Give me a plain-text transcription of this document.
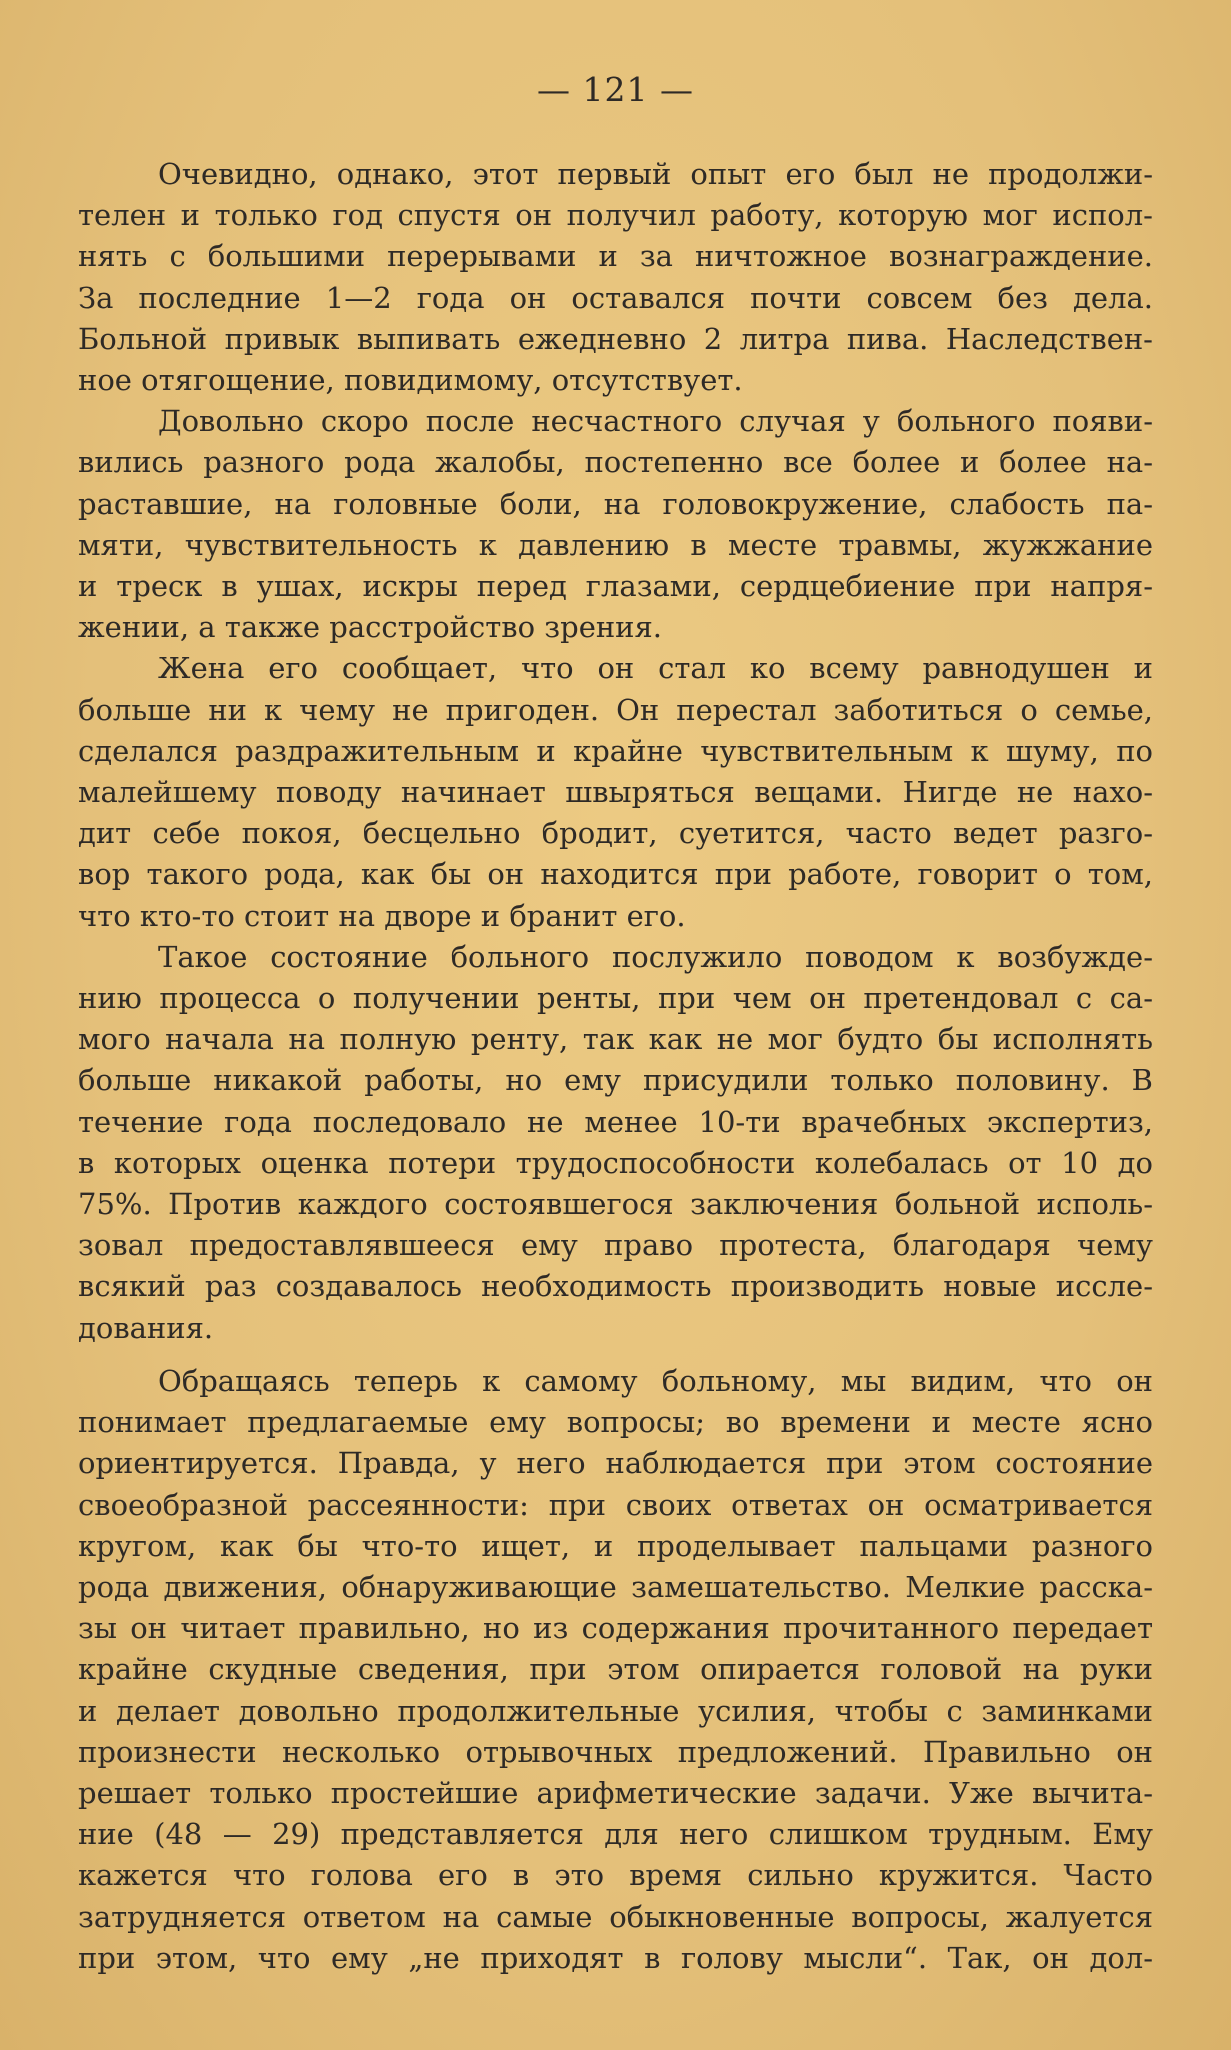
— 121 —
Очевидно, однако, этот первый опыт его был не продолжи-
телен и только год спустя он получил работу, которую мог испол-
нять с большими перерывами и за ничтожное вознаграждение.
За последние 1—2 года он оставался почти совсем без дела.
Больной привык выпивать ежедневно 2 литра пива. Наследствен-
ное отягощение, повидимому, отсутствует.
Довольно скоро после несчастного случая у больного появи-
вились разного рода жалобы, постепенно все более и более на-
раставшие, на головные боли, на головокружение, слабость па-
мяти, чувствительность к давлению в месте травмы, жужжание
и треск в ушах, искры перед глазами, сердцебиение при напря-
жении, а также расстройство зрения.
Жена его сообщает, что он стал ко всему равнодушен и
больше ни к чему не пригоден. Он перестал заботиться о семье,
сделался раздражительным и крайне чувствительным к шуму, по
малейшему поводу начинает швыряться вещами. Нигде не нахо-
дит себе покоя, бесцельно бродит, суетится, часто ведет разго-
вор такого рода, как бы он находится при работе, говорит о том,
что кто-то стоит на дворе и бранит его.
Такое состояние больного послужило поводом к возбужде-
нию процесса о получении ренты, при чем он претендовал с са-
мого начала на полную ренту, так как не мог будто бы исполнять
больше никакой работы, но ему присудили только половину. В
течение года последовало не менее 10-ти врачебных экспертиз,
в которых оценка потери трудоспособности колебалась от 10 до
75%. Против каждого состоявшегося заключения больной исполь-
зовал предоставлявшееся ему право протеста, благодаря чему
всякий раз создавалось необходимость производить новые иссле-
дования.
Обращаясь теперь к самому больному, мы видим, что он
понимает предлагаемые ему вопросы; во времени и месте ясно
ориентируется. Правда, у него наблюдается при этом состояние
своеобразной рассеянности: при своих ответах он осматривается
кругом, как бы что-то ищет, и проделывает пальцами разного
рода движения, обнаруживающие замешательство. Мелкие расска-
зы он читает правильно, но из содержания прочитанного передает
крайне скудные сведения, при этом опирается головой на руки
и делает довольно продолжительные усилия, чтобы с заминками
произнести несколько отрывочных предложений. Правильно он
решает только простейшие арифметические задачи. Уже вычита-
ние (48 — 29) представляется для него слишком трудным. Ему
кажется что голова его в это время сильно кружится. Часто
затрудняется ответом на самые обыкновенные вопросы, жалуется
при этом, что ему „не приходят в голову мысли“. Так, он дол-
